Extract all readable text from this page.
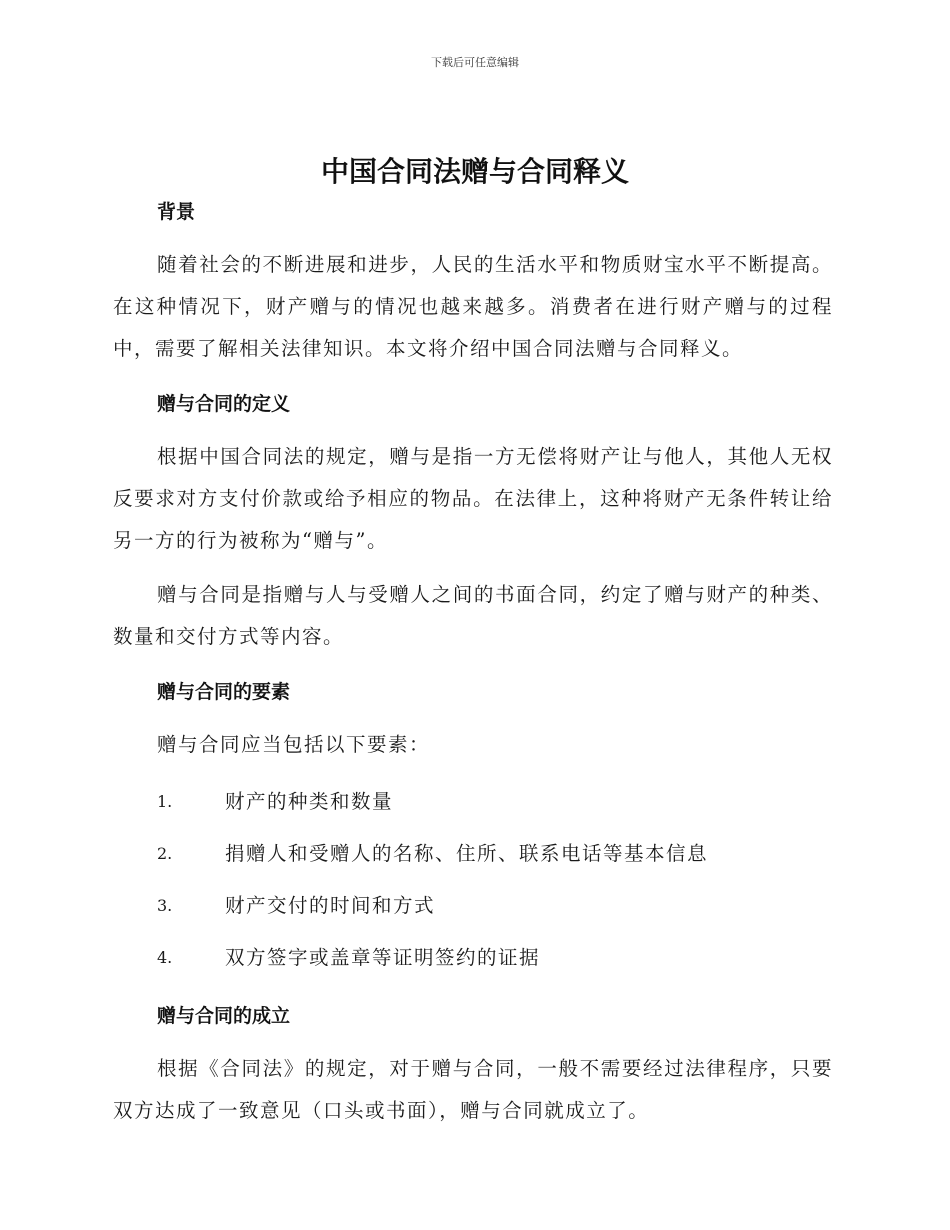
下载后可任意编辑
中国合同法赠与合同释义
背景

随着社会的不断进展和进步，人民的生活水平和物质财宝水平不断提高。在这种情况下，财产赠与的情况也越来越多。消费者在进行财产赠与的过程中，需要了解相关法律知识。本文将介绍中国合同法赠与合同释义。

赠与合同的定义

根据中国合同法的规定，赠与是指一方无偿将财产让与他人，其他人无权反要求对方支付价款或给予相应的物品。在法律上，这种将财产无条件转让给另一方的行为被称为“赠与”。

赠与合同是指赠与人与受赠人之间的书面合同，约定了赠与财产的种类、数量和交付方式等内容。

赠与合同的要素

赠与合同应当包括以下要素：

1.	财产的种类和数量
2.	捐赠人和受赠人的名称、住所、联系电话等基本信息
3.	财产交付的时间和方式
4.	双方签字或盖章等证明签约的证据
赠与合同的成立

根据《合同法》的规定，对于赠与合同，一般不需要经过法律程序，只要双方达成了一致意见（口头或书面），赠与合同就成立了。
